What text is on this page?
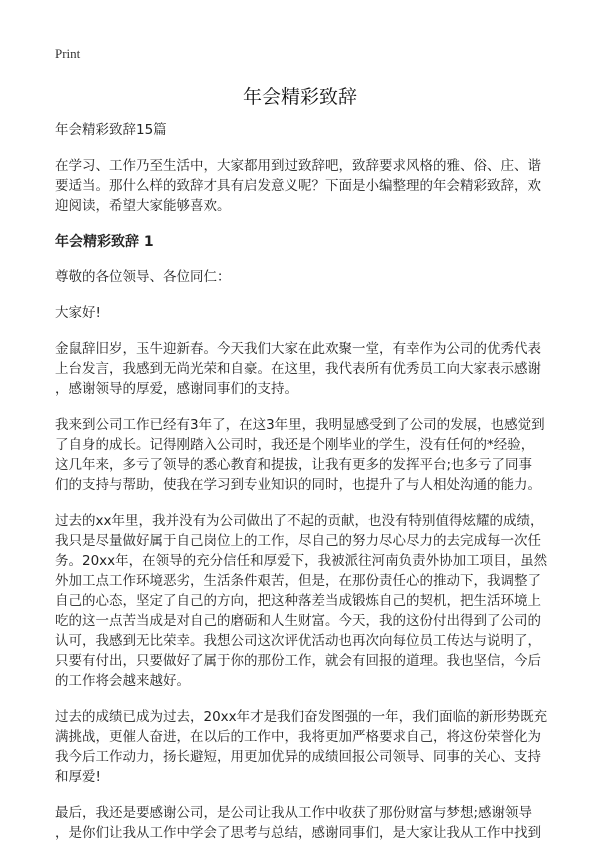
Print
年会精彩致辞

年会精彩致辞15篇

在学习、工作乃至生活中，大家都用到过致辞吧，致辞要求风格的雅、俗、庄、谐
要适当。那什么样的致辞才具有启发意义呢？下面是小编整理的年会精彩致辞，欢
迎阅读，希望大家能够喜欢。

年会精彩致辞 1

尊敬的各位领导、各位同仁：

大家好!

金鼠辞旧岁，玉牛迎新春。今天我们大家在此欢聚一堂，有幸作为公司的优秀代表
上台发言，我感到无尚光荣和自豪。在这里，我代表所有优秀员工向大家表示感谢
，感谢领导的厚爱，感谢同事们的支持。

我来到公司工作已经有3年了，在这3年里，我明显感受到了公司的发展，也感觉到
了自身的成长。记得刚踏入公司时，我还是个刚毕业的学生，没有任何的*经验，
这几年来，多亏了领导的悉心教育和提拔，让我有更多的发挥平台;也多亏了同事
们的支持与帮助，使我在学习到专业知识的同时，也提升了与人相处沟通的能力。

过去的xx年里，我并没有为公司做出了不起的贡献，也没有特别值得炫耀的成绩，
我只是尽量做好属于自己岗位上的工作，尽自己的努力尽心尽力的去完成每一次任
务。20xx年，在领导的充分信任和厚爱下，我被派往河南负责外协加工项目，虽然
外加工点工作环境恶劣，生活条件艰苦，但是，在那份责任心的推动下，我调整了
自己的心态，坚定了自己的方向，把这种落差当成锻炼自己的契机，把生活环境上
吃的这一点苦当成是对自己的磨砺和人生财富。今天，我的这份付出得到了公司的
认可，我感到无比荣幸。我想公司这次评优活动也再次向每位员工传达与说明了，
只要有付出，只要做好了属于你的那份工作，就会有回报的道理。我也坚信，今后
的工作将会越来越好。

过去的成绩已成为过去，20xx年才是我们奋发图强的一年，我们面临的新形势既充
满挑战，更催人奋进，在以后的工作中，我将更加严格要求自己，将这份荣誉化为
我今后工作动力，扬长避短，用更加优异的成绩回报公司领导、同事的关心、支持
和厚爱!

最后，我还是要感谢公司，是公司让我从工作中收获了那份财富与梦想;感谢领导
，是你们让我从工作中学会了思考与总结，感谢同事们，是大家让我从工作中找到
